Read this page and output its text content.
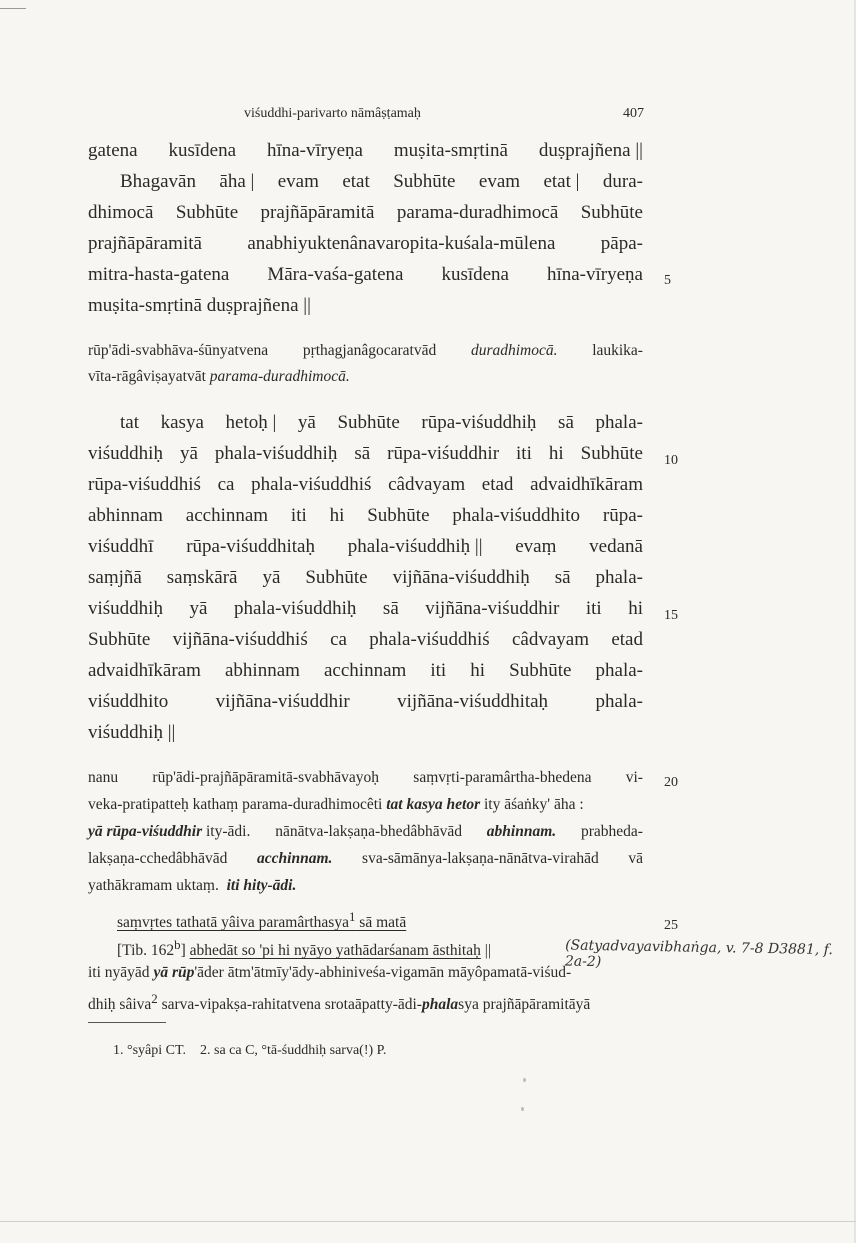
viśuddhi-parivarto nāmâṣṭamaḥ	407
gatena kusīdena hīna-vīryeṇa muṣita-smṛtinā duṣprajñena ||
Bhagavān āha | evam etat Subhūte evam etat | dura-
dhimocā Subhūte prajñāpāramitā parama-duradhimocā Subhūte
prajñāpāramitā anabhiyuktenânavaropita-kuśala-mūlena pāpa-
mitra-hasta-gatena Māra-vaśa-gatena kusīdena hīna-vīryeṇa
muṣita-smṛtinā duṣprajñena ||
rūp'ādi-svabhāva-śūnyatvena pṛthagjanâgocaratvād duradhimocā. laukika-
vīta-rāgâviṣayatvāt parama-duradhimocā.
tat kasya hetoḥ | yā Subhūte rūpa-viśuddhiḥ sā phala-
viśuddhiḥ yā phala-viśuddhiḥ sā rūpa-viśuddhir iti hi Subhūte
rūpa-viśuddhiś ca phala-viśuddhiś câdvayam etad advaidhīkāram
abhinnam acchinnam iti hi Subhūte phala-viśuddhito rūpa-
viśuddhī rūpa-viśuddhitaḥ phala-viśuddhiḥ || evaṃ vedanā
saṃjñā saṃskārā yā Subhūte vijñāna-viśuddhiḥ sā phala-
viśuddhiḥ yā phala-viśuddhiḥ sā vijñāna-viśuddhir iti hi
Subhūte vijñāna-viśuddhiś ca phala-viśuddhiś câdvayam etad
advaidhīkāram abhinnam acchinnam iti hi Subhūte phala-
viśuddhito vijñāna-viśuddhir vijñāna-viśuddhitaḥ phala-
viśuddhiḥ ||
nanu rūp'ādi-prajñāpāramitā-svabhāvayoḥ saṃvṛti-paramârtha-bhedena vi-
veka-pratipatteḥ kathaṃ parama-duradhimocêti tat kasya hetor ity āśaṅky' āha :
yā rūpa-viśuddhir ity-ādi. nānātva-lakṣaṇa-bhedâbhāvād abhinnam. prabheda-
lakṣaṇa-cchedâbhāvād acchinnam. sva-sāmānya-lakṣaṇa-nānātva-virahād vā
yathākramam uktaṃ. iti hity-ādi.
saṃvṛtes tathatā yâiva paramârthasya$^1$ sā matā
[Tib. 162$^b$] abhedāt so 'pi hi nyāyo yathādarśanam āsthitaḥ ||
iti nyāyād yā rūp'āder ātm'ātmīy'ādy-abhiniveśa-vigamān māyôpamatā-viśud-
dhiḥ sâiva$^2$ sarva-vipakṣa-rahitatvena srotaāpatty-ādi-phalasya prajñāpāramitāyā
5
10
15
20
25
(Satyadvayavibhaṅga, v. 7-8 D3881, f. 2a-2)
1. °syâpi CT.    2. sa ca C, °tā-śuddhiḥ sarva(!) P.
